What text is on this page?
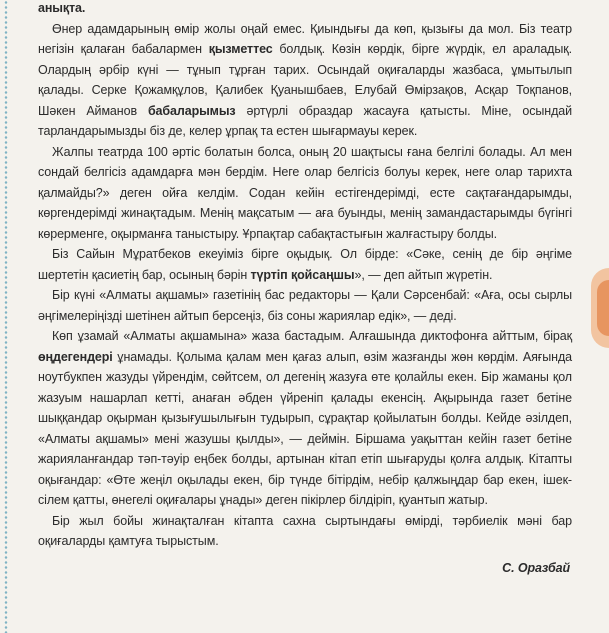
анықта.

Өнер адамдарының өмір жолы оңай емес. Қиындығы да көп, қызығы да мол. Біз театр негізін қалаған бабалармен қызметтес болдық. Көзін көрдік, бірге жүрдік, ел араладық. Олардың әрбір күні — тұнып тұрған тарих. Осындай оқиғаларды жазбаса, ұмытылып қалады. Серке Қожамқұлов, Қалибек Қуанышбаев, Елубай Өмірзақов, Асқар Тоқпанов, Шәкен Айманов бабаларымыз әртүрлі образдар жасауға қатысты. Міне, осындай тарландарымызды біз де, келер ұрпақ та естен шығармауы керек.

Жалпы театрда 100 әртіс болатын болса, оның 20 шақтысы ғана белгілі болады. Ал мен сондай белгісіз адамдарға мән бердім. Неге олар белгісіз болуы керек, неге олар тарихта қалмайды?» деген ойға келдім. Содан кейін естігендерімді, есте сақтағандарымды, көргендерімді жинақтадым. Менің мақсатым — аға буынды, менің замандастарымды бүгінгі көрерменге, оқырманға таныстыру. Ұрпақтар сабақтастығын жалғастыру болды.

Біз Сайын Мұратбеков екеуіміз бірге оқыдық. Ол бірде: «Сәке, сенің де бір әңгіме шертетін қасиетің бар, осының бәрін түртіп қойсаңшы», — деп айтып жүретін.

Бір күні «Алматы ақшамы» газетінің бас редакторы — Қали Сәрсенбай: «Аға, осы сырлы әңгімелеріңізді шетінен айтып берсеңіз, біз соны жариялар едік», — деді.

Көп ұзамай «Алматы ақшамына» жаза бастадым. Алғашында диктофонға айттым, бірақ өңдегендері ұнамады. Қолыма қалам мен қағаз алып, өзім жазғанды жөн көрдім. Аяғында ноутбукпен жазуды үйрендім, сөйтсем, ол дегенің жазуға өте қолайлы екен. Бір жаманы қол жазуым нашарлап кетті, анаған әбден үйреніп қалады екенсің. Ақырында газет бетіне шыққандар оқырман қызығушылығын тудырып, сұрақтар қойылатын болды. Кейде әзілдеп, «Алматы ақшамы» мені жазушы қылды», — деймін. Біршама уақыттан кейін газет бетіне жарияланғандар тәп-тәуір еңбек болды, артынан кітап етіп шығаруды қолға алдық. Кітапты оқығандар: «Өте жеңіл оқылады екен, бір түнде бітірдім, небір қалжыңдар бар екен, ішек-сілем қатты, өнегелі оқиғалары ұнады» деген пікірлер білдіріп, қуантып жатыр.

Бір жыл бойы жинақталған кітапта сахна сыртындағы өмірді, тәрбиелік мәні бар оқиғаларды қамтуға тырыстым.

С. Оразбай
